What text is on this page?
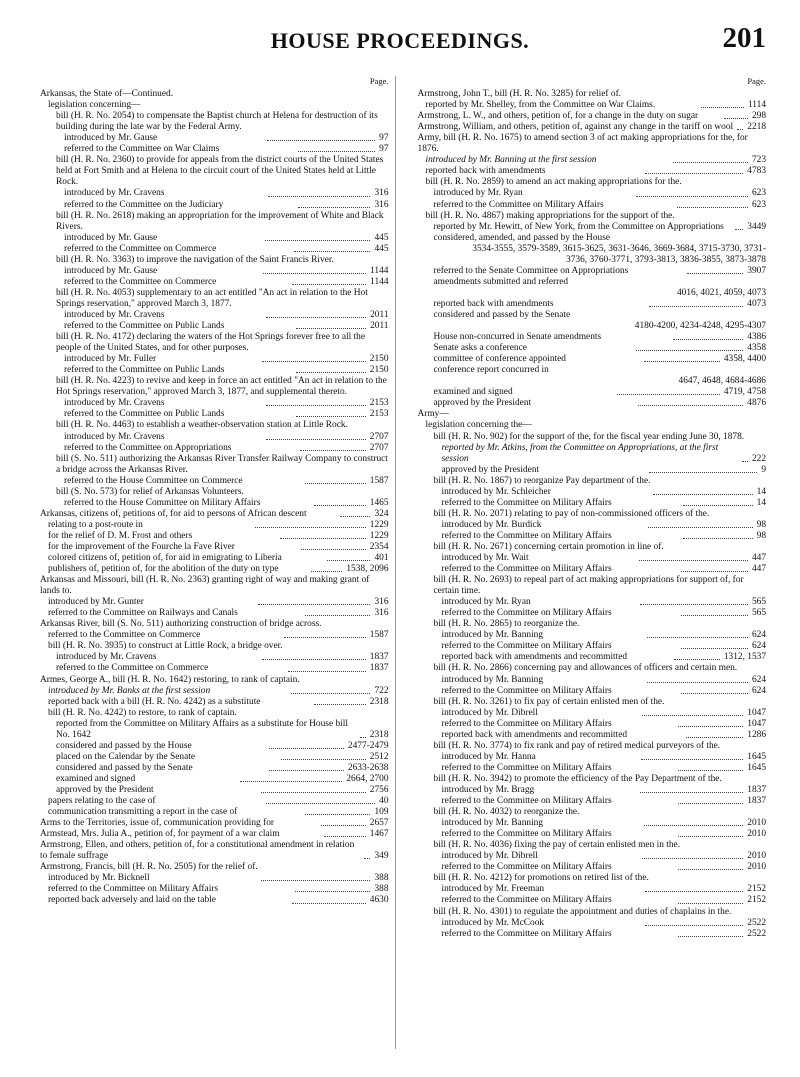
HOUSE PROCEEDINGS.	201
Page.
Arkansas, the State of—Continued.
legislation concerning—
bill (H. R. No. 2054) to compensate the Baptist church at Helena for destruction of its building during the late war by the Federal Army.
introduced by Mr. Gause	97
referred to the Committee on War Claims	97
bill (H. R. No. 2360) to provide for appeals from the district courts of the United States held at Fort Smith and at Helena to the circuit court of the United States held at Little Rock.
introduced by Mr. Cravens	316
referred to the Committee on the Judiciary	316
bill (H. R. No. 2618) making an appropriation for the improvement of White and Black Rivers.
introduced by Mr. Gause	445
referred to the Committee on Commerce	445
bill (H. R. No. 3363) to improve the navigation of the Saint Francis River.
introduced by Mr. Gause	1144
referred to the Committee on Commerce	1144
bill (H. R. No. 4053) supplementary to an act entitled "An act in relation to the Hot Springs reservation," approved March 3, 1877.
introduced by Mr. Cravens	2011
referred to the Committee on Public Lands	2011
bill (H. R. No. 4172) declaring the waters of the Hot Springs forever free to all the people of the United States, and for other purposes.
introduced by Mr. Fuller	2150
referred to the Committee on Public Lands	2150
bill (H. R. No. 4223) to revive and keep in force an act entitled "An act in relation to the Hot Springs reservation," approved March 3, 1877, and supplemental thereto.
introduced by Mr. Cravens	2153
referred to the Committee on Public Lands	2153
bill (H. R. No. 4463) to establish a weather-observation station at Little Rock.
introduced by Mr. Cravens	2707
referred to the Committee on Appropriations	2707
bill (S. No. 511) authorizing the Arkansas River Transfer Railway Company to construct a bridge across the Arkansas River.
referred to the House Committee on Commerce	1587
bill (S. No. 573) for relief of Arkansas Volunteers.
referred to the House Committee on Military Affairs	1465
Arkansas, citizens of, petitions of, for aid to persons of African descent	324
relating to a post-route in	1229
for the relief of D. M. Frost and others	1229
for the improvement of the Fourche la Fave River	2354
colored citizens of, petition of, for aid in emigrating to Liberia	401
publishers of, petition of, for the abolition of the duty on type	1538, 2096
Arkansas and Missouri, bill (H. R. No. 2363) granting right of way and making grant of lands to.
introduced by Mr. Gunter	316
referred to the Committee on Railways and Canals	316
Arkansas River, bill (S. No. 511) authorizing construction of bridge across.
referred to the Committee on Commerce	1587
bill (H. R. No. 3935) to construct at Little Rock, a bridge over.
introduced by Mr. Cravens	1837
referred to the Committee on Commerce	1837
Armes, George A., bill (H. R. No. 1642) restoring, to rank of captain.
introduced by Mr. Banks at the first session	722
reported back with a bill (H. R. No. 4242) as a substitute	2318
bill (H. R. No. 4242) to restore, to rank of captain.
reported from the Committee on Military Affairs as a substitute for House bill No. 1642	2318
considered and passed by the House	2477-2479
placed on the Calendar by the Senate	2512
considered and passed by the Senate	2633-2638
examined and signed	2664, 2700
approved by the President	2756
papers relating to the case of	40
communication transmitting a report in the case of	109
Arms to the Territories, issue of, communication providing for	2657
Armstead, Mrs. Julia A., petition of, for payment of a war claim	1467
Armstrong, Ellen, and others, petition of, for a constitutional amendment in relation to female suffrage	349
Armstrong, Francis, bill (H. R. No. 2505) for the relief of.
introduced by Mr. Bicknell	388
referred to the Committee on Military Affairs	388
reported back adversely and laid on the table	4630
Page.
Armstrong, John T., bill (H. R. No. 3285) for relief of.
reported by Mr. Shelley, from the Committee on War Claims.	1114
Armstrong, L. W., and others, petition of, for a change in the duty on sugar	298
Armstrong, William, and others, petition of, against any change in the tariff on wool 2218
Army, bill (H. R. No. 1675) to amend section 3 of act making appropriations for the, for 1876.
introduced by Mr. Banning at the first session	723
reported back with amendments	4783
bill (H. R. No. 2859) to amend an act making appropriations for the.
introduced by Mr. Ryan	623
referred to the Committee on Military Affairs	623
bill (H. R. No. 4867) making appropriations for the support of the.
reported by Mr. Hewitt, of New York, from the Committee on Appropriations	3449
considered, amended, and passed by the House
3534-3555, 3579-3589, 3615-3625, 3631-3646, 3669-3684, 3715-3730, 3731-3736, 3760-3771, 3793-3813, 3836-3855, 3873-3878
referred to the Senate Committee on Appropriations	3907
amendments submitted and referred
4016, 4021, 4059, 4073
reported back with amendments	4073
considered and passed by the Senate
4180-4200, 4234-4248, 4295-4307
House non-concurred in Senate amendments	4386
Senate asks a conference	4358
committee of conference appointed	4358, 4400
conference report concurred in
4647, 4648, 4684-4686
examined and signed	4719, 4758
approved by the President	4876
Army—
legislation concerning the—
bill (H. R. No. 902) for the support of the, for the fiscal year ending June 30, 1878.
reported by Mr. Atkins, from the Committee on Appropriations, at the first session	222
approved by the President	9
bill (H. R. No. 1867) to reorganize Pay department of the.
introduced by Mr. Schleicher	14
referred to the Committee on Military Affairs	14
bill (H. R. No. 2071) relating to pay of non-commissioned officers of the.
introduced by Mr. Burdick	98
referred to the Committee on Military Affairs	98
bill (H. R. No. 2671) concerning certain promotion in line of.
introduced by Mr. Wait	447
referred to the Committee on Military Affairs	447
bill (H. R. No. 2693) to repeal part of act making appropriations for support of, for certain time.
introduced by Mr. Ryan	565
referred to the Committee on Military Affairs	565
bill (H. R. No. 2865) to reorganize the.
introduced by Mr. Banning	624
referred to the Committee on Military Affairs	624
reported back with amendments and recommitted	1312, 1537
bill (H. R. No. 2866) concerning pay and allowances of officers and certain men.
introduced by Mr. Banning	624
referred to the Committee on Military Affairs	624
bill (H. R. No. 3261) to fix pay of certain enlisted men of the.
introduced by Mr. Dibrell	1047
referred to the Committee on Military Affairs	1047
reported back with amendments and recommitted	1286
bill (H. R. No. 3774) to fix rank and pay of retired medical purveyors of the.
introduced by Mr. Hanna	1645
referred to the Committee on Military Affairs	1645
bill (H. R. No. 3942) to promote the efficiency of the Pay Department of the.
introduced by Mr. Bragg	1837
referred to the Committee on Military Affairs	1837
bill (H. R. No. 4032) to reorganize the.
introduced by Mr. Banning	2010
referred to the Committee on Military Affairs	2010
bill (H. R. No. 4036) fixing the pay of certain enlisted men in the.
introduced by Mr. Dibrell	2010
referred to the Committee on Military Affairs	2010
bill (H. R. No. 4212) for promotions on retired list of the.
introduced by Mr. Freeman	2152
referred to the Committee on Military Affairs	2152
bill (H. R. No. 4301) to regulate the appointment and duties of chaplains in the.
introduced by Mr. McCook	2522
referred to the Committee on Military Affairs	2522
